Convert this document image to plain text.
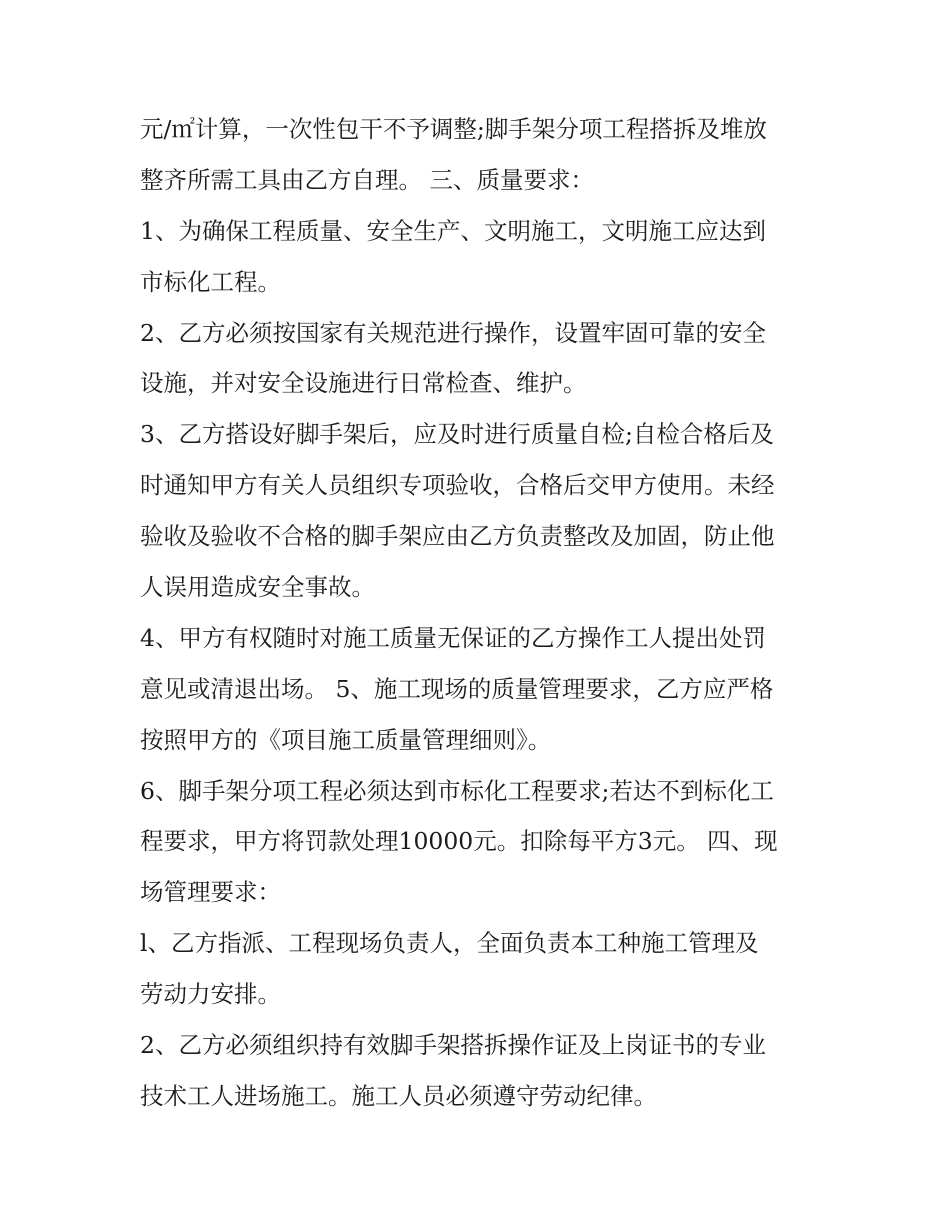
元/㎡计算，一次性包干不予调整;脚手架分项工程搭拆及堆放
整齐所需工具由乙方自理。 三、质量要求：
1、为确保工程质量、安全生产、文明施工，文明施工应达到
市标化工程。
2、乙方必须按国家有关规范进行操作，设置牢固可靠的安全
设施，并对安全设施进行日常检查、维护。
3、乙方搭设好脚手架后，应及时进行质量自检;自检合格后及
时通知甲方有关人员组织专项验收，合格后交甲方使用。未经
验收及验收不合格的脚手架应由乙方负责整改及加固，防止他
人误用造成安全事故。
4、甲方有权随时对施工质量无保证的乙方操作工人提出处罚
意见或清退出场。 5、施工现场的质量管理要求，乙方应严格
按照甲方的《项目施工质量管理细则》。
6、脚手架分项工程必须达到市标化工程要求;若达不到标化工
程要求，甲方将罚款处理10000元。扣除每平方3元。 四、现
场管理要求：
l、乙方指派、工程现场负责人，全面负责本工种施工管理及
劳动力安排。
2、乙方必须组织持有效脚手架搭拆操作证及上岗证书的专业
技术工人进场施工。施工人员必须遵守劳动纪律。
